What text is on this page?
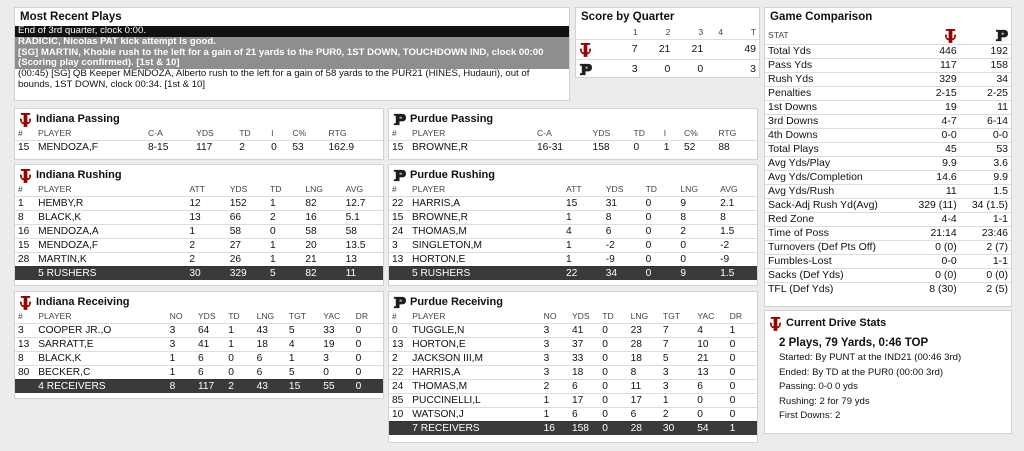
Most Recent Plays
End of 3rd quarter, clock 0:00.
RADICIC, Nicolas PAT kick attempt is good.
[SG] MARTIN, Khobie rush to the left for a gain of 21 yards to the PUR0, 1ST DOWN, TOUCHDOWN IND, clock 00:00 (Scoring play confirmed). [1st & 10]
(00:45) [SG] QB Keeper MENDOZA, Alberto rush to the left for a gain of 58 yards to the PUR21 (HINES, Hudauri), out of bounds, 1ST DOWN, clock 00:34. [1st & 10]
Score by Quarter
	1	2	3	4	T
	7	21	21		49
	3	0	0		3
Indiana Passing
#	PLAYER	C-A	YDS	TD	I	C%	RTG
15	MENDOZA,F	8-15	117	2	0	53	162.9
Purdue Passing
#	PLAYER	C-A	YDS	TD	I	C%	RTG
15	BROWNE,R	16-31	158	0	1	52	88
Indiana Rushing
#	PLAYER	ATT	YDS	TD	LNG	AVG
1	HEMBY,R	12	152	1	82	12.7
8	BLACK,K	13	66	2	16	5.1
16	MENDOZA,A	1	58	0	58	58
15	MENDOZA,F	2	27	1	20	13.5
28	MARTIN,K	2	26	1	21	13
	5 RUSHERS	30	329	5	82	11
Purdue Rushing
#	PLAYER	ATT	YDS	TD	LNG	AVG
22	HARRIS,A	15	31	0	9	2.1
15	BROWNE,R	1	8	0	8	8
24	THOMAS,M	4	6	0	2	1.5
3	SINGLETON,M	1	-2	0	0	-2
13	HORTON,E	1	-9	0	0	-9
	5 RUSHERS	22	34	0	9	1.5
Indiana Receiving
#	PLAYER	NO	YDS	TD	LNG	TGT	YAC	DR
3	COOPER JR.,O	3	64	1	43	5	33	0
13	SARRATT,E	3	41	1	18	4	19	0
8	BLACK,K	1	6	0	6	1	3	0
80	BECKER,C	1	6	0	6	5	0	0
	4 RECEIVERS	8	117	2	43	15	55	0
Purdue Receiving
#	PLAYER	NO	YDS	TD	LNG	TGT	YAC	DR
0	TUGGLE,N	3	41	0	23	7	4	1
13	HORTON,E	3	37	0	28	7	10	0
2	JACKSON III,M	3	33	0	18	5	21	0
22	HARRIS,A	3	18	0	8	3	13	0
24	THOMAS,M	2	6	0	11	3	6	0
85	PUCCINELLI,L	1	17	0	17	1	0	0
10	WATSON,J	1	6	0	6	2	0	0
	7 RECEIVERS	16	158	0	28	30	54	1
Game Comparison
STAT		
Total Yds	446	192
Pass Yds	117	158
Rush Yds	329	34
Penalties	2-15	2-25
1st Downs	19	11
3rd Downs	4-7	6-14
4th Downs	0-0	0-0
Total Plays	45	53
Avg Yds/Play	9.9	3.6
Avg Yds/Completion	14.6	9.9
Avg Yds/Rush	11	1.5
Sack-Adj Rush Yd(Avg)	329 (11)	34 (1.5)
Red Zone	4-4	1-1
Time of Poss	21:14	23:46
Turnovers (Def Pts Off)	0 (0)	2 (7)
Fumbles-Lost	0-0	1-1
Sacks (Def Yds)	0 (0)	0 (0)
TFL (Def Yds)	8 (30)	2 (5)
Current Drive Stats
2 Plays, 79 Yards, 0:46 TOP
Started: By PUNT at the IND21 (00:46 3rd)
Ended: By TD at the PUR0 (00:00 3rd)
Passing: 0-0 0 yds
Rushing: 2 for 79 yds
First Downs: 2
